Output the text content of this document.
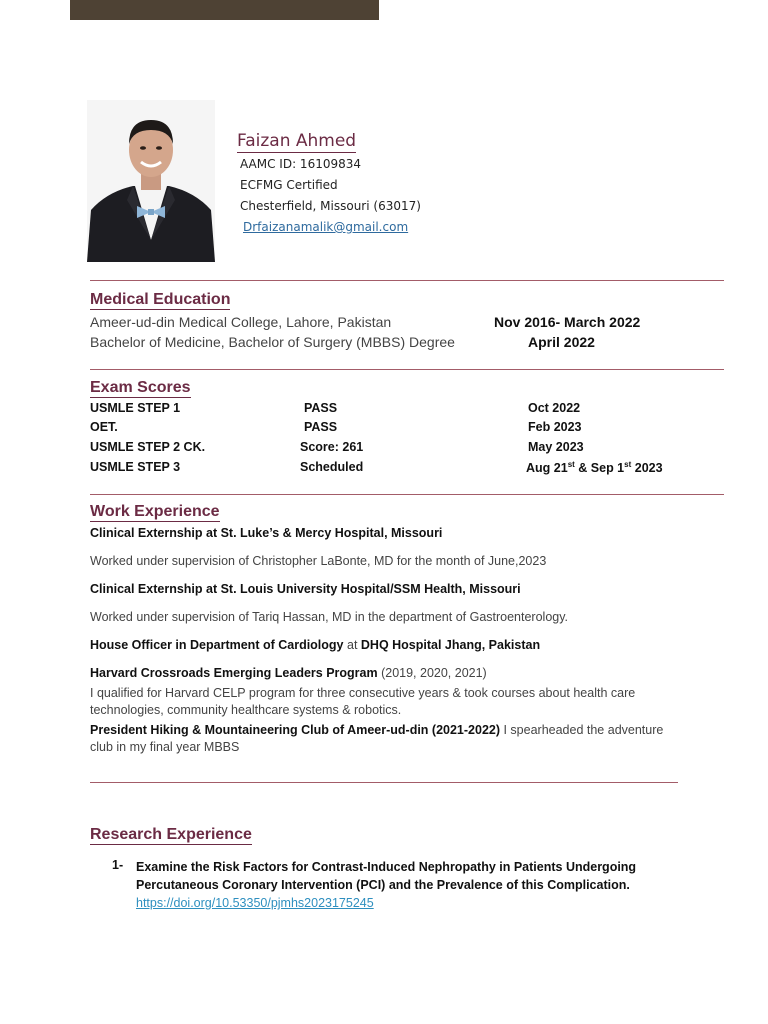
Faizan Ahmed
AAMC ID: 16109834
ECFMG Certified
Chesterfield, Missouri (63017)
Drfaizanamalik@gmail.com
Medical Education
Ameer-ud-din Medical College, Lahore, Pakistan	Nov 2016- March 2022
Bachelor of Medicine, Bachelor of Surgery (MBBS) Degree	April 2022
Exam Scores
USMLE STEP 1	PASS	Oct 2022
OET.	PASS	Feb 2023
USMLE STEP 2 CK.	Score: 261	May 2023
USMLE STEP 3	Scheduled	Aug 21st & Sep 1st 2023
Work Experience
Clinical Externship at St. Luke’s & Mercy Hospital, Missouri
Worked under supervision of Christopher LaBonte, MD for the month of June,2023
Clinical Externship at St. Louis University Hospital/SSM Health, Missouri
Worked under supervision of Tariq Hassan, MD in the department of Gastroenterology.
House Officer in Department of Cardiology at DHQ Hospital Jhang, Pakistan
Harvard Crossroads Emerging Leaders Program (2019, 2020, 2021)
I qualified for Harvard CELP program for three consecutive years & took courses about health care technologies, community healthcare systems & robotics.
President Hiking & Mountaineering Club of Ameer-ud-din (2021-2022) I spearheaded the adventure club in my final year MBBS
Research Experience
1- Examine the Risk Factors for Contrast-Induced Nephropathy in Patients Undergoing Percutaneous Coronary Intervention (PCI) and the Prevalence of this Complication. https://doi.org/10.53350/pjmhs2023175245
